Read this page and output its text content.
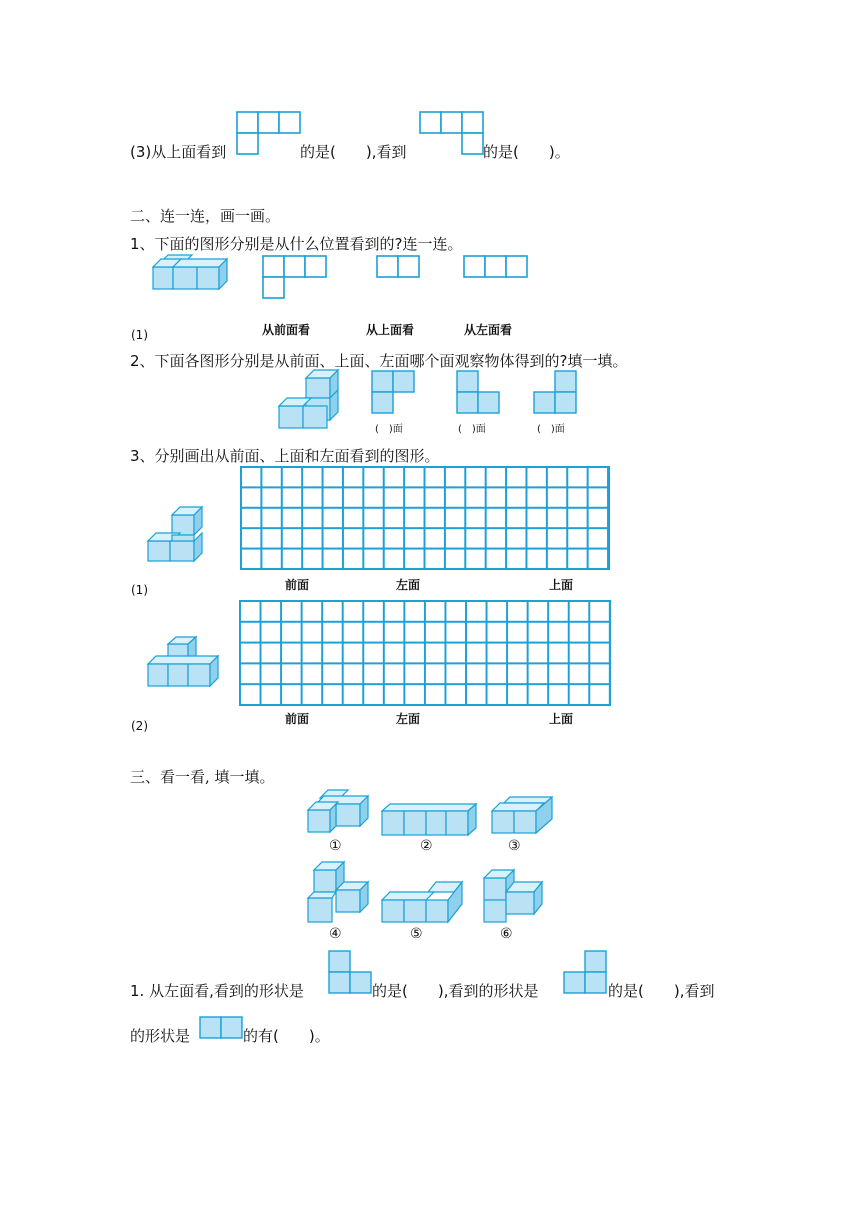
(3)从上面看到	的是(　　),看到	的是(　　)。
二、连一连，画一画。
1、下面的图形分别是从什么位置看到的?连一连。
(1)	从前面看	从上面看	从左面看
2、下面各图形分别是从前面、上面、左面哪个面观察物体得到的?填一填。
(　)面	(　)面	(　)面
3、分别画出从前面、上面和左面看到的图形。
前面	左面	上面
(1)
前面	左面	上面
(2)
三、看一看, 填一填。
①	②	③
④	⑤	⑥
1. 从左面看,看到的形状是	的是(　　),看到的形状是	的是(　　),看到
的形状是	的有(　　)。
